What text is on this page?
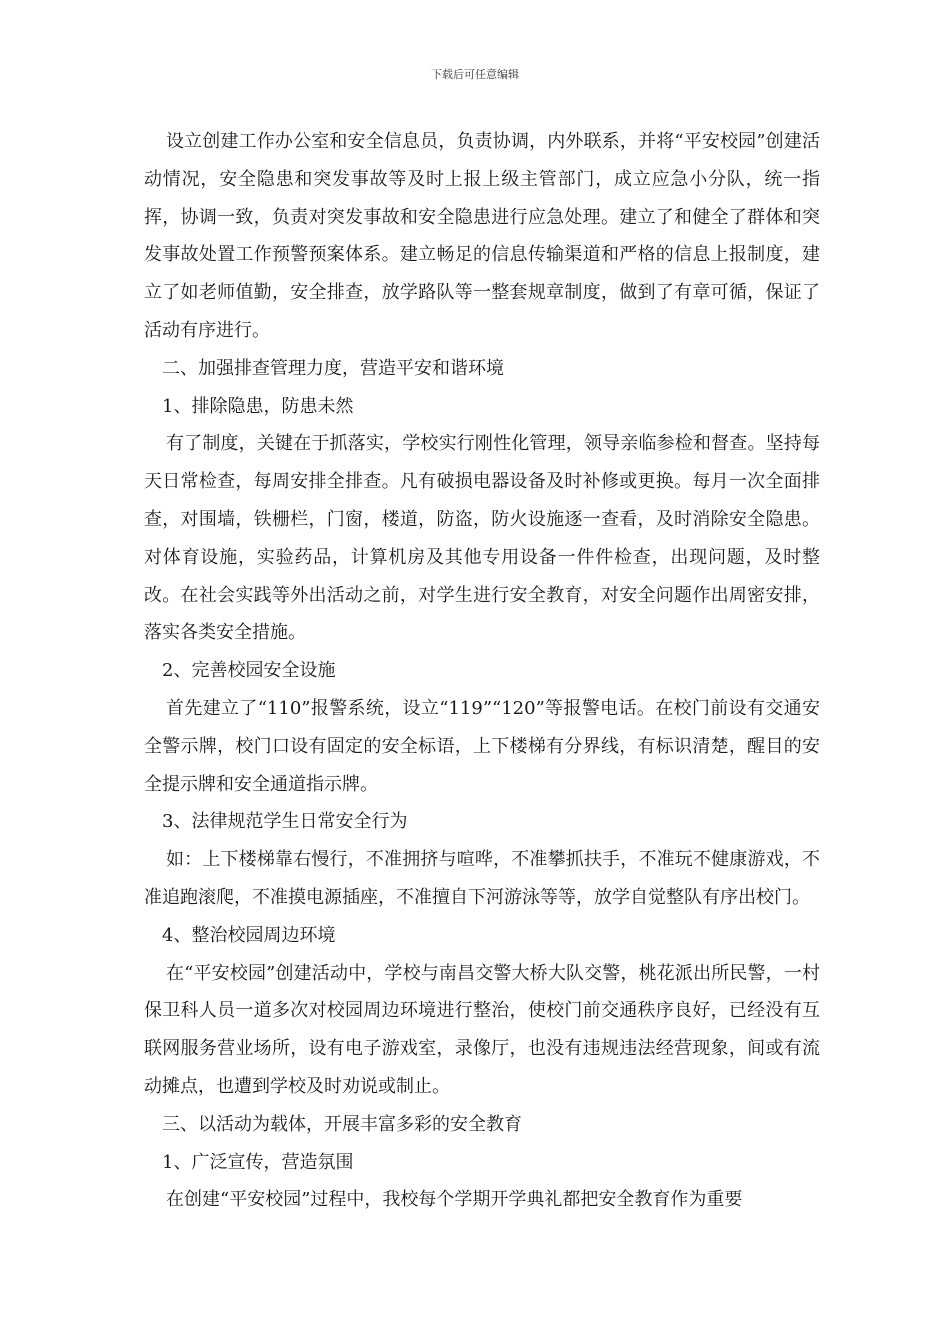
下载后可任意编辑

设立创建工作办公室和安全信息员，负责协调，内外联系，并将“平安校园”创建活动情况，安全隐患和突发事故等及时上报上级主管部门，成立应急小分队，统一指挥，协调一致，负责对突发事故和安全隐患进行应急处理。建立了和健全了群体和突发事故处置工作预警预案体系。建立畅足的信息传输渠道和严格的信息上报制度，建立了如老师值勤，安全排查，放学路队等一整套规章制度，做到了有章可循，保证了活动有序进行。

二、加强排查管理力度，营造平安和谐环境

1、排除隐患，防患未然

有了制度，关键在于抓落实，学校实行刚性化管理，领导亲临参检和督查。坚持每天日常检查，每周安排全排查。凡有破损电器设备及时补修或更换。每月一次全面排查，对围墙，铁栅栏，门窗，楼道，防盗，防火设施逐一查看，及时消除安全隐患。对体育设施，实验药品，计算机房及其他专用设备一件件检查，出现问题，及时整改。在社会实践等外出活动之前，对学生进行安全教育，对安全问题作出周密安排，落实各类安全措施。

2、完善校园安全设施

首先建立了“110”报警系统，设立“119”“120”等报警电话。在校门前设有交通安全警示牌，校门口设有固定的安全标语，上下楼梯有分界线，有标识清楚，醒目的安全提示牌和安全通道指示牌。

3、法律规范学生日常安全行为

如：上下楼梯靠右慢行，不准拥挤与喧哗，不准攀抓扶手，不准玩不健康游戏，不准追跑滚爬，不准摸电源插座，不准擅自下河游泳等等，放学自觉整队有序出校门。

4、整治校园周边环境

在“平安校园”创建活动中，学校与南昌交警大桥大队交警，桃花派出所民警，一村保卫科人员一道多次对校园周边环境进行整治，使校门前交通秩序良好，已经没有互联网服务营业场所，设有电子游戏室，录像厅，也没有违规违法经营现象，间或有流动摊点，也遭到学校及时劝说或制止。

三、以活动为载体，开展丰富多彩的安全教育

1、广泛宣传，营造氛围

在创建“平安校园”过程中，我校每个学期开学典礼都把安全教育作为重要
